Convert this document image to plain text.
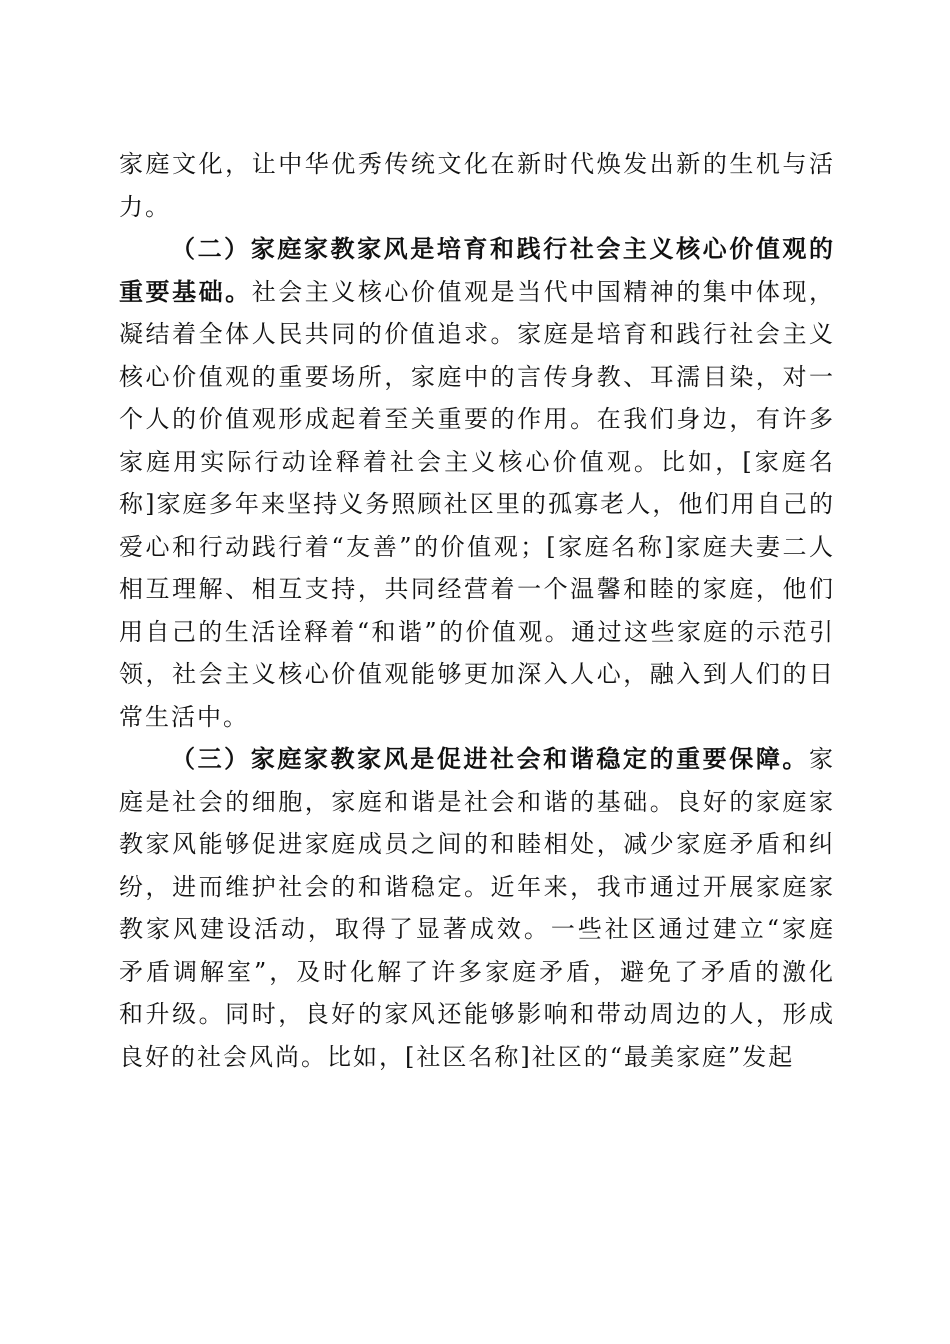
家庭文化，让中华优秀传统文化在新时代焕发出新的生机与活力。

（二）家庭家教家风是培育和践行社会主义核心价值观的重要基础。社会主义核心价值观是当代中国精神的集中体现，凝结着全体人民共同的价值追求。家庭是培育和践行社会主义核心价值观的重要场所，家庭中的言传身教、耳濡目染，对一个人的价值观形成起着至关重要的作用。在我们身边，有许多家庭用实际行动诠释着社会主义核心价值观。比如，[家庭名称]家庭多年来坚持义务照顾社区里的孤寡老人，他们用自己的爱心和行动践行着“友善”的价值观；[家庭名称]家庭夫妻二人相互理解、相互支持，共同经营着一个温馨和睦的家庭，他们用自己的生活诠释着“和谐”的价值观。通过这些家庭的示范引领，社会主义核心价值观能够更加深入人心，融入到人们的日常生活中。

（三）家庭家教家风是促进社会和谐稳定的重要保障。家庭是社会的细胞，家庭和谐是社会和谐的基础。良好的家庭家教家风能够促进家庭成员之间的和睦相处，减少家庭矛盾和纠纷，进而维护社会的和谐稳定。近年来，我市通过开展家庭家教家风建设活动，取得了显著成效。一些社区通过建立“家庭矛盾调解室”，及时化解了许多家庭矛盾，避免了矛盾的激化和升级。同时，良好的家风还能够影响和带动周边的人，形成良好的社会风尚。比如，[社区名称]社区的“最美家庭”发起
